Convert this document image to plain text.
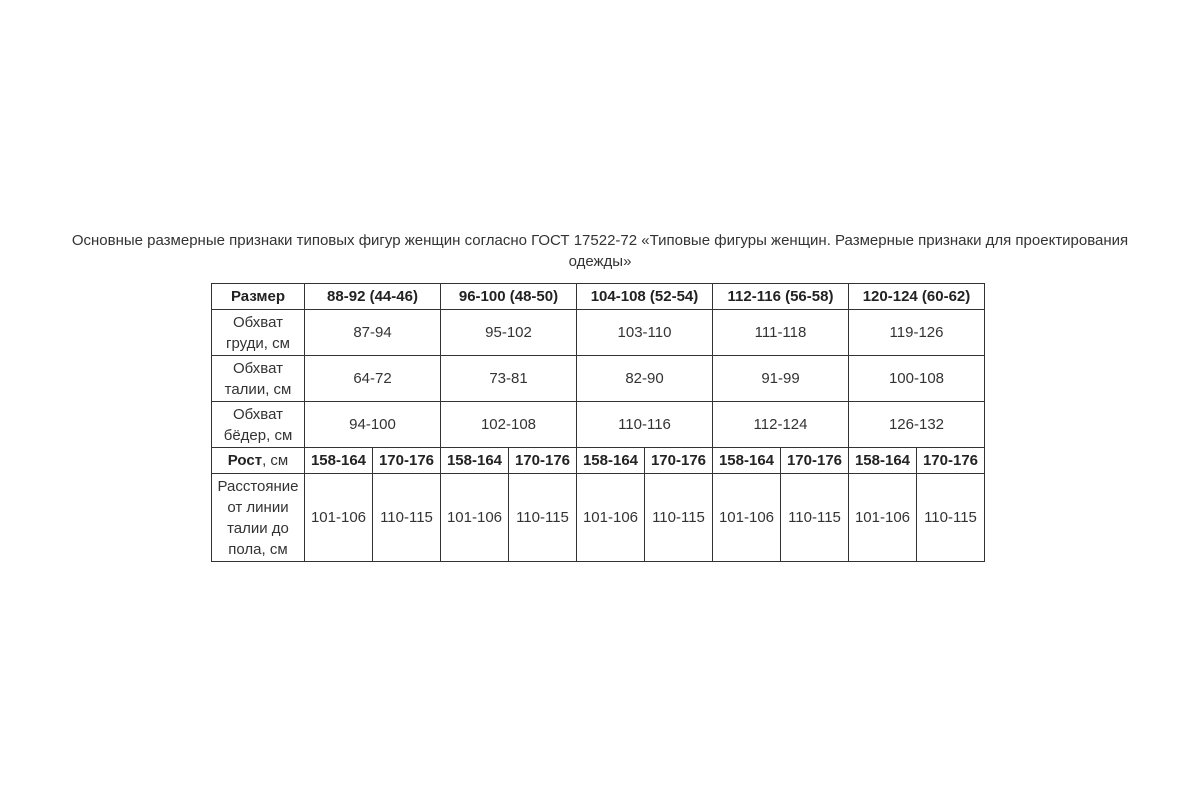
Основные размерные признаки типовых фигур женщин согласно ГОСТ 17522-72 «Типовые фигуры женщин. Размерные признаки для проектирования
одежды»
Размер	88-92 (44-46)		96-100 (48-50)		104-108 (52-54)		112-116 (56-58)		120-124 (60-62)	
Обхват
груди, см	87-94		95-102		103-110		111-118		119-126	
Обхват
талии, см	64-72		73-81		82-90		91-99		100-108	
Обхват
бёдер, см	94-100		102-108		110-116		112-124		126-132	
Рост, см	158-164	170-176	158-164	170-176	158-164	170-176	158-164	170-176	158-164	170-176
Расстояние
от линии
талии до
пола, см	101-106	110-115	101-106	110-115	101-106	110-115	101-106	110-115	101-106	110-115
